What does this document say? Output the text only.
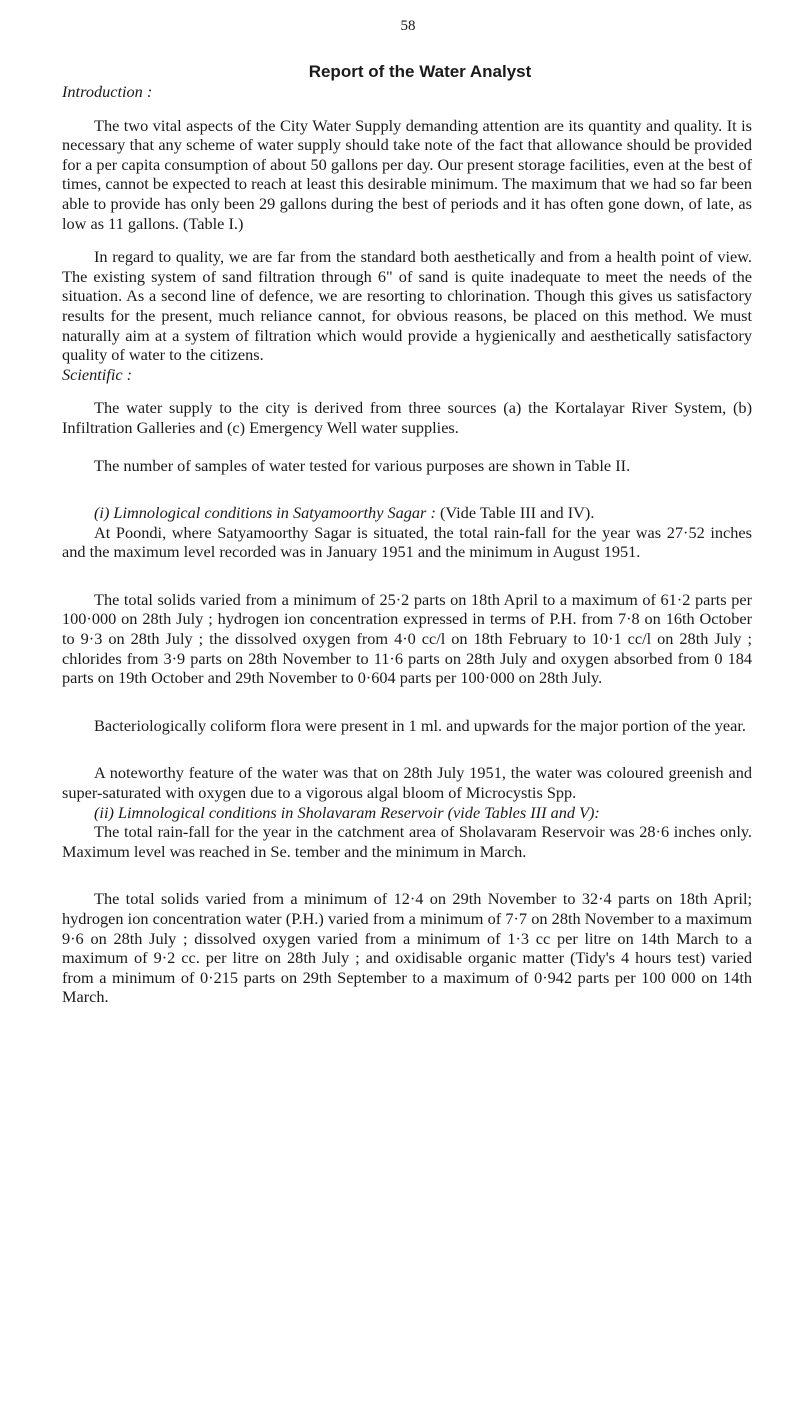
58
Report of the Water Analyst

Introduction :

The two vital aspects of the City Water Supply demanding attention are its quantity and quality. It is necessary that any scheme of water supply should take note of the fact that allowance should be provided for a per capita consumption of about 50 gallons per day. Our present storage facilities, even at the best of times, cannot be expected to reach at least this desirable minimum. The maximum that we had so far been able to provide has only been 29 gallons during the best of periods and it has often gone down, of late, as low as 11 gallons. (Table I.)

In regard to quality, we are far from the standard both aesthetically and from a health point of view. The existing system of sand filtration through 6" of sand is quite inadequate to meet the needs of the situation. As a second line of defence, we are resorting to chlorination. Though this gives us satisfactory results for the present, much reliance cannot, for obvious reasons, be placed on this method. We must naturally aim at a system of filtration which would provide a hygienically and aesthetically satisfactory quality of water to the citizens.

Scientific :

The water supply to the city is derived from three sources (a) the Kortalayar River System, (b) Infiltration Galleries and (c) Emergency Well water supplies.

The number of samples of water tested for various purposes are shown in Table II.

(i) Limnological conditions in Satyamoorthy Sagar : (Vide Table III and IV).

At Poondi, where Satyamoorthy Sagar is situated, the total rain-fall for the year was 27·52 inches and the maximum level recorded was in January 1951 and the minimum in August 1951.

The total solids varied from a minimum of 25·2 parts on 18th April to a maximum of 61·2 parts per 100·000 on 28th July ; hydrogen ion concentration expressed in terms of P.H. from 7·8 on 16th October to 9·3 on 28th July ; the dissolved oxygen from 4·0 cc/l on 18th February to 10·1 cc/l on 28th July ; chlorides from 3·9 parts on 28th November to 11·6 parts on 28th July and oxygen absorbed from 0 184 parts on 19th October and 29th November to 0·604 parts per 100·000 on 28th July.

Bacteriologically coliform flora were present in 1 ml. and upwards for the major portion of the year.

A noteworthy feature of the water was that on 28th July 1951, the water was coloured greenish and super-saturated with oxygen due to a vigorous algal bloom of Microcystis Spp.

(ii) Limnological conditions in Sholavaram Reservoir (vide Tables III and V):

The total rain-fall for the year in the catchment area of Sholavaram Reservoir was 28·6 inches only. Maximum level was reached in Se. tember and the minimum in March.

The total solids varied from a minimum of 12·4 on 29th November to 32·4 parts on 18th April; hydrogen ion concentration water (P.H.) varied from a minimum of 7·7 on 28th November to a maximum 9·6 on 28th July ; dissolved oxygen varied from a minimum of 1·3 cc per litre on 14th March to a maximum of 9·2 cc. per litre on 28th July ; and oxidisable organic matter (Tidy's 4 hours test) varied from a minimum of 0·215 parts on 29th September to a maximum of 0·942 parts per 100 000 on 14th March.
